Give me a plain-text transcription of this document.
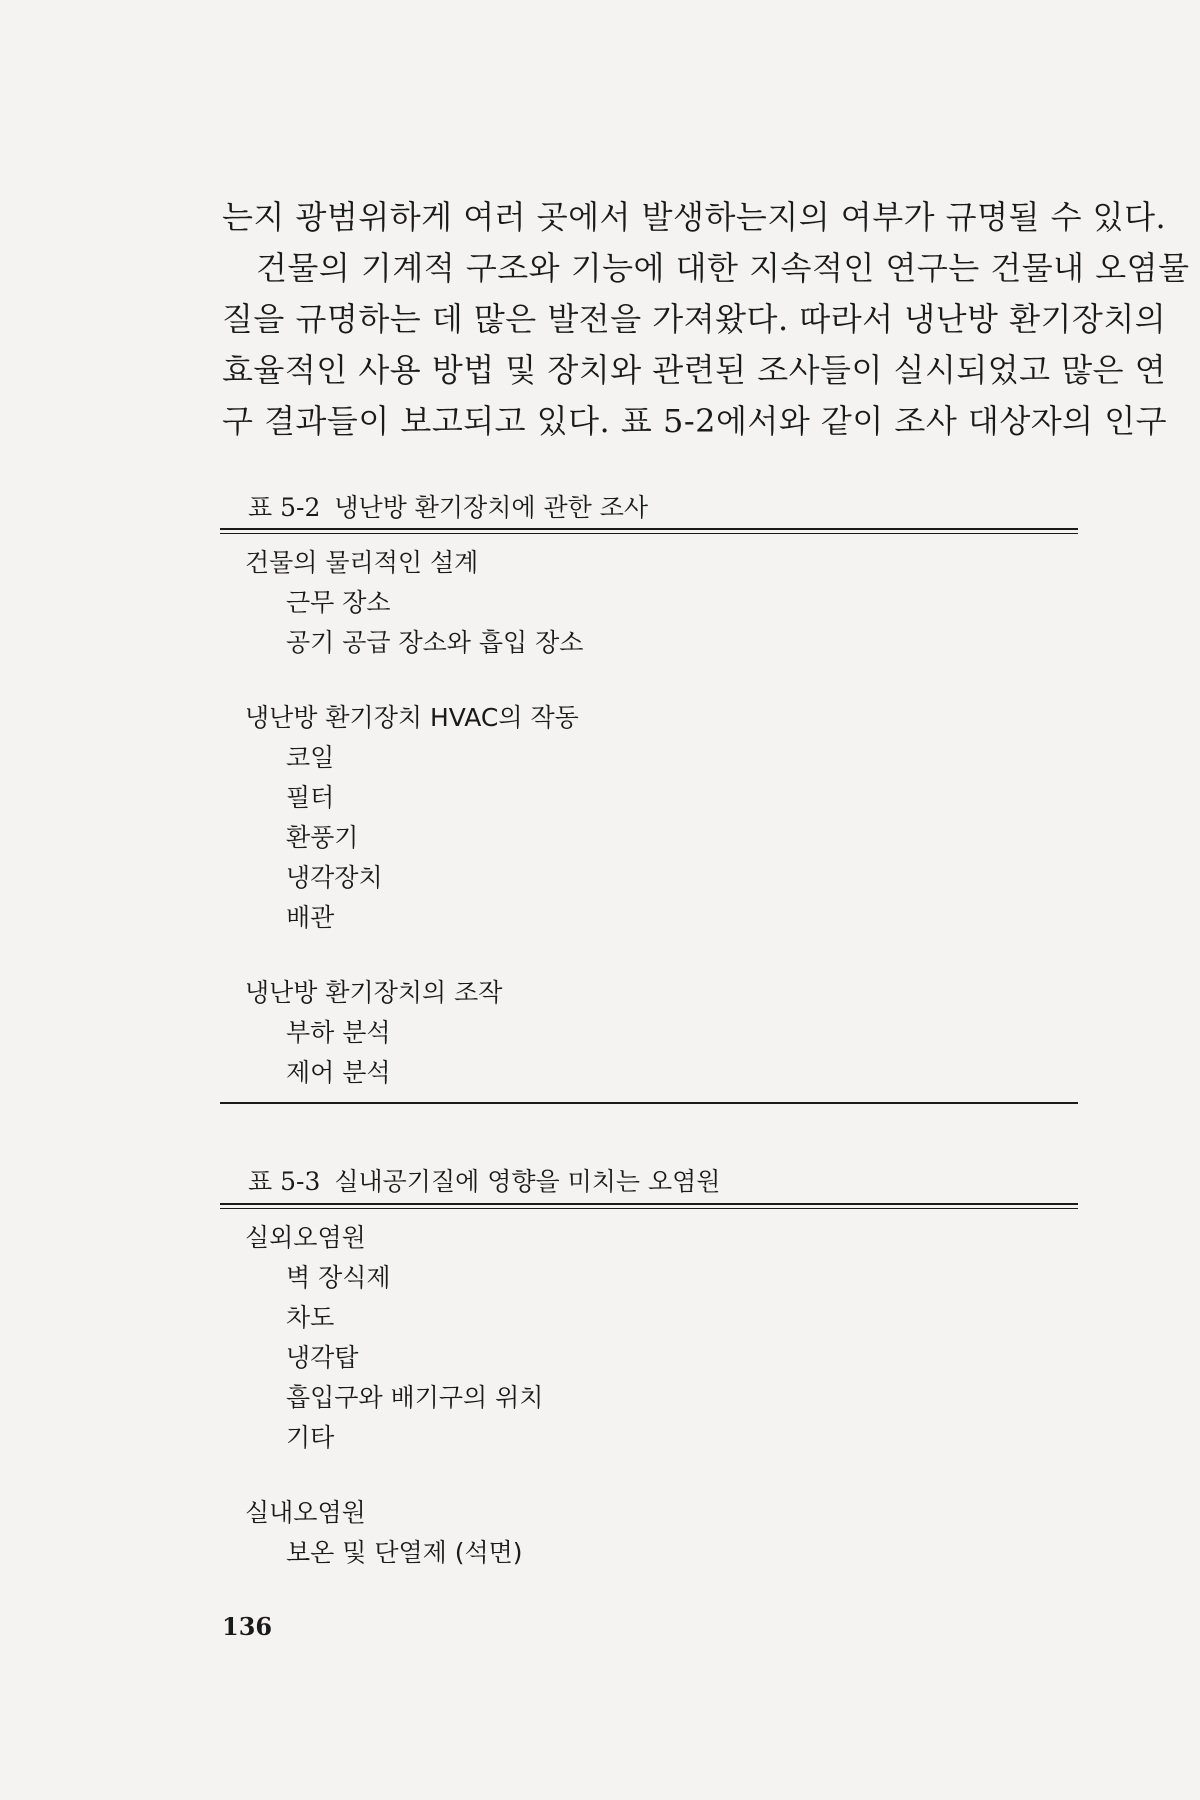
는지 광범위하게 여러 곳에서 발생하는지의 여부가 규명될 수 있다.
건물의 기계적 구조와 기능에 대한 지속적인 연구는 건물내 오염물
질을 규명하는 데 많은 발전을 가져왔다. 따라서 냉난방 환기장치의
효율적인 사용 방법 및 장치와 관련된 조사들이 실시되었고 많은 연
구 결과들이 보고되고 있다. 표 5-2에서와 같이 조사 대상자의 인구
표 5-2 냉난방 환기장치에 관한 조사
건물의 물리적인 설계
근무 장소
공기 공급 장소와 흡입 장소
냉난방 환기장치 HVAC의 작동
코일
필터
환풍기
냉각장치
배관
냉난방 환기장치의 조작
부하 분석
제어 분석
표 5-3 실내공기질에 영향을 미치는 오염원
실외오염원
벽 장식제
차도
냉각탑
흡입구와 배기구의 위치
기타
실내오염원
보온 및 단열제 (석면)
136
